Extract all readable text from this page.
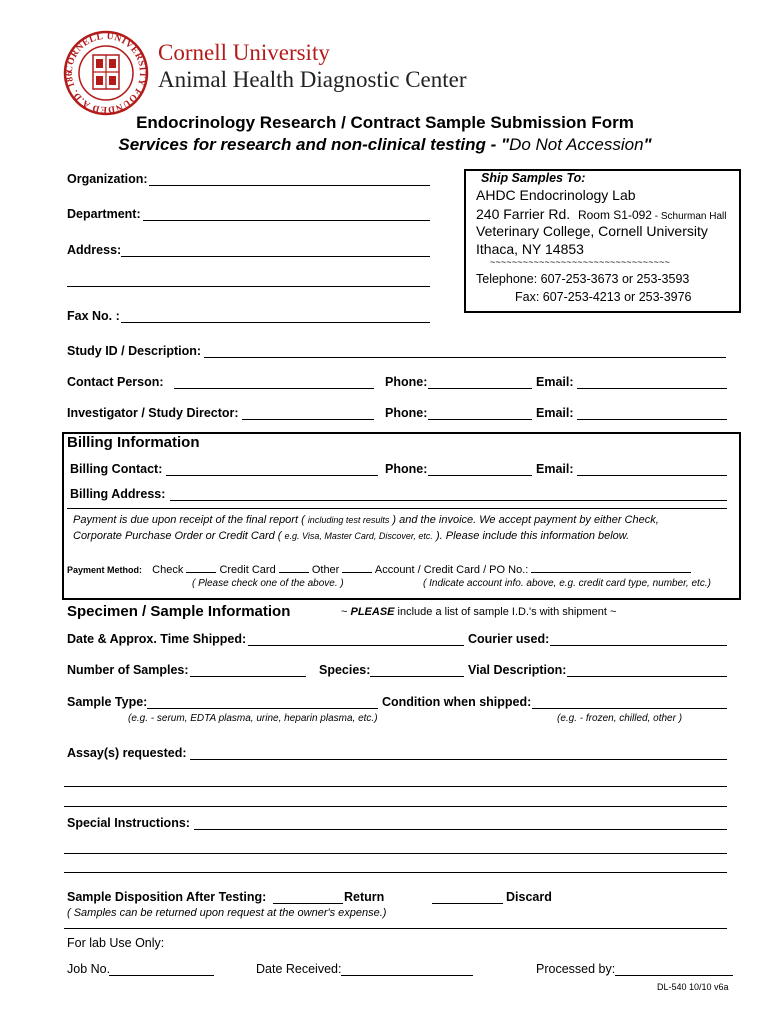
CORNELL UNIVERSITY FOUNDED A.D. 186
Cornell University
Animal Health Diagnostic Center
Endocrinology Research / Contract Sample Submission Form
Services for research and non-clinical testing - "Do Not Accession"
Organization:
Department:
Address:
Fax No. :
Ship Samples To:
AHDC Endocrinology Lab
240 Farrier Rd. Room S1-092 - Schurman Hall
Veterinary College, Cornell University
Ithaca, NY 14853
~~~~~~~~~~~~~~~~~~~~~~~~~~~~~~~~~
Telephone: 607-253-3673 or 253-3593
Fax: 607-253-4213 or 253-3976
Study ID / Description:
Contact Person:	Phone:	Email:
Investigator / Study Director:	Phone:	Email:
Billing Information
Billing Contact:	Phone:	Email:
Billing Address:
Payment is due upon receipt of the final report ( including test results ) and the invoice. We accept payment by either Check,
Corporate Purchase Order or Credit Card ( e.g. Visa, Master Card, Discover, etc. ). Please include this information below.
Payment Method: Check	Credit Card	Other	Account / Credit Card / PO No.:
( Please check one of the above. )	( Indicate account info. above, e.g. credit card type, number, etc.)
Specimen / Sample Information	~ PLEASE include a list of sample I.D.'s with shipment ~
Date & Approx. Time Shipped:	Courier used:
Number of Samples:	Species:	Vial Description:
Sample Type:	Condition when shipped:
(e.g. - serum, EDTA plasma, urine, heparin plasma, etc.)	(e.g. - frozen, chilled, other )
Assay(s) requested:
Special Instructions:
Sample Disposition After Testing:	Return	Discard
( Samples can be returned upon request at the owner's expense.)
For lab Use Only:
Job No.	Date Received:	Processed by:
DL-540 10/10 v6a
